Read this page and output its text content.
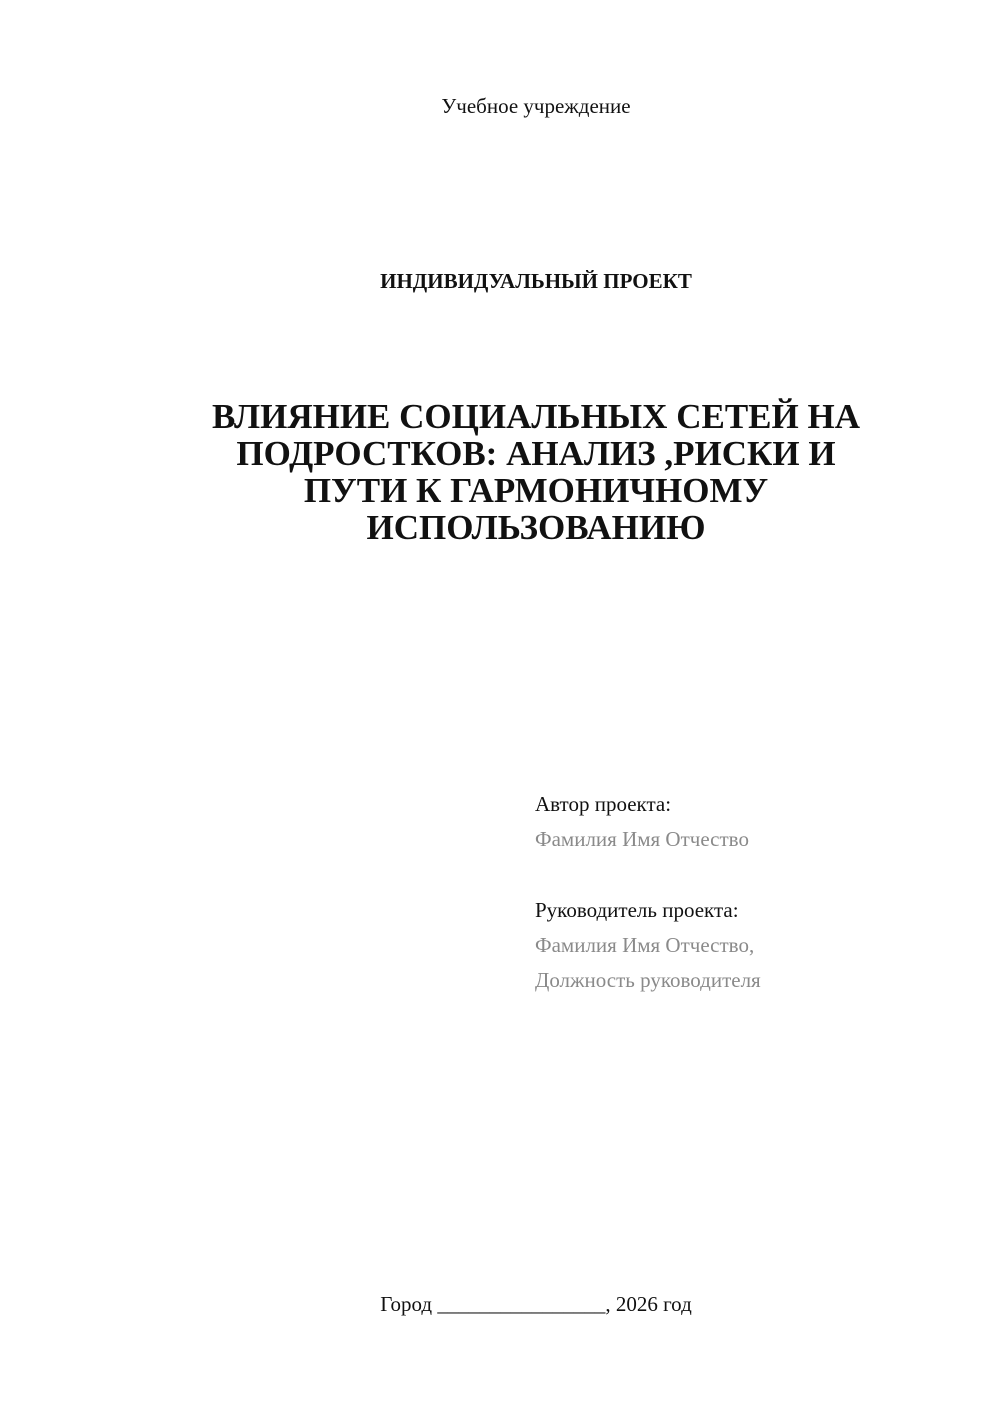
Учебное учреждение
ИНДИВИДУАЛЬНЫЙ ПРОЕКТ
ВЛИЯНИЕ СОЦИАЛЬНЫХ СЕТЕЙ НА
ПОДРОСТКОВ: АНАЛИЗ ,РИСКИ И
ПУТИ К ГАРМОНИЧНОМУ
ИСПОЛЬЗОВАНИЮ
Автор проекта:
Фамилия Имя Отчество
Руководитель проекта:
Фамилия Имя Отчество,
Должность руководителя
Город ________________, 2026 год
